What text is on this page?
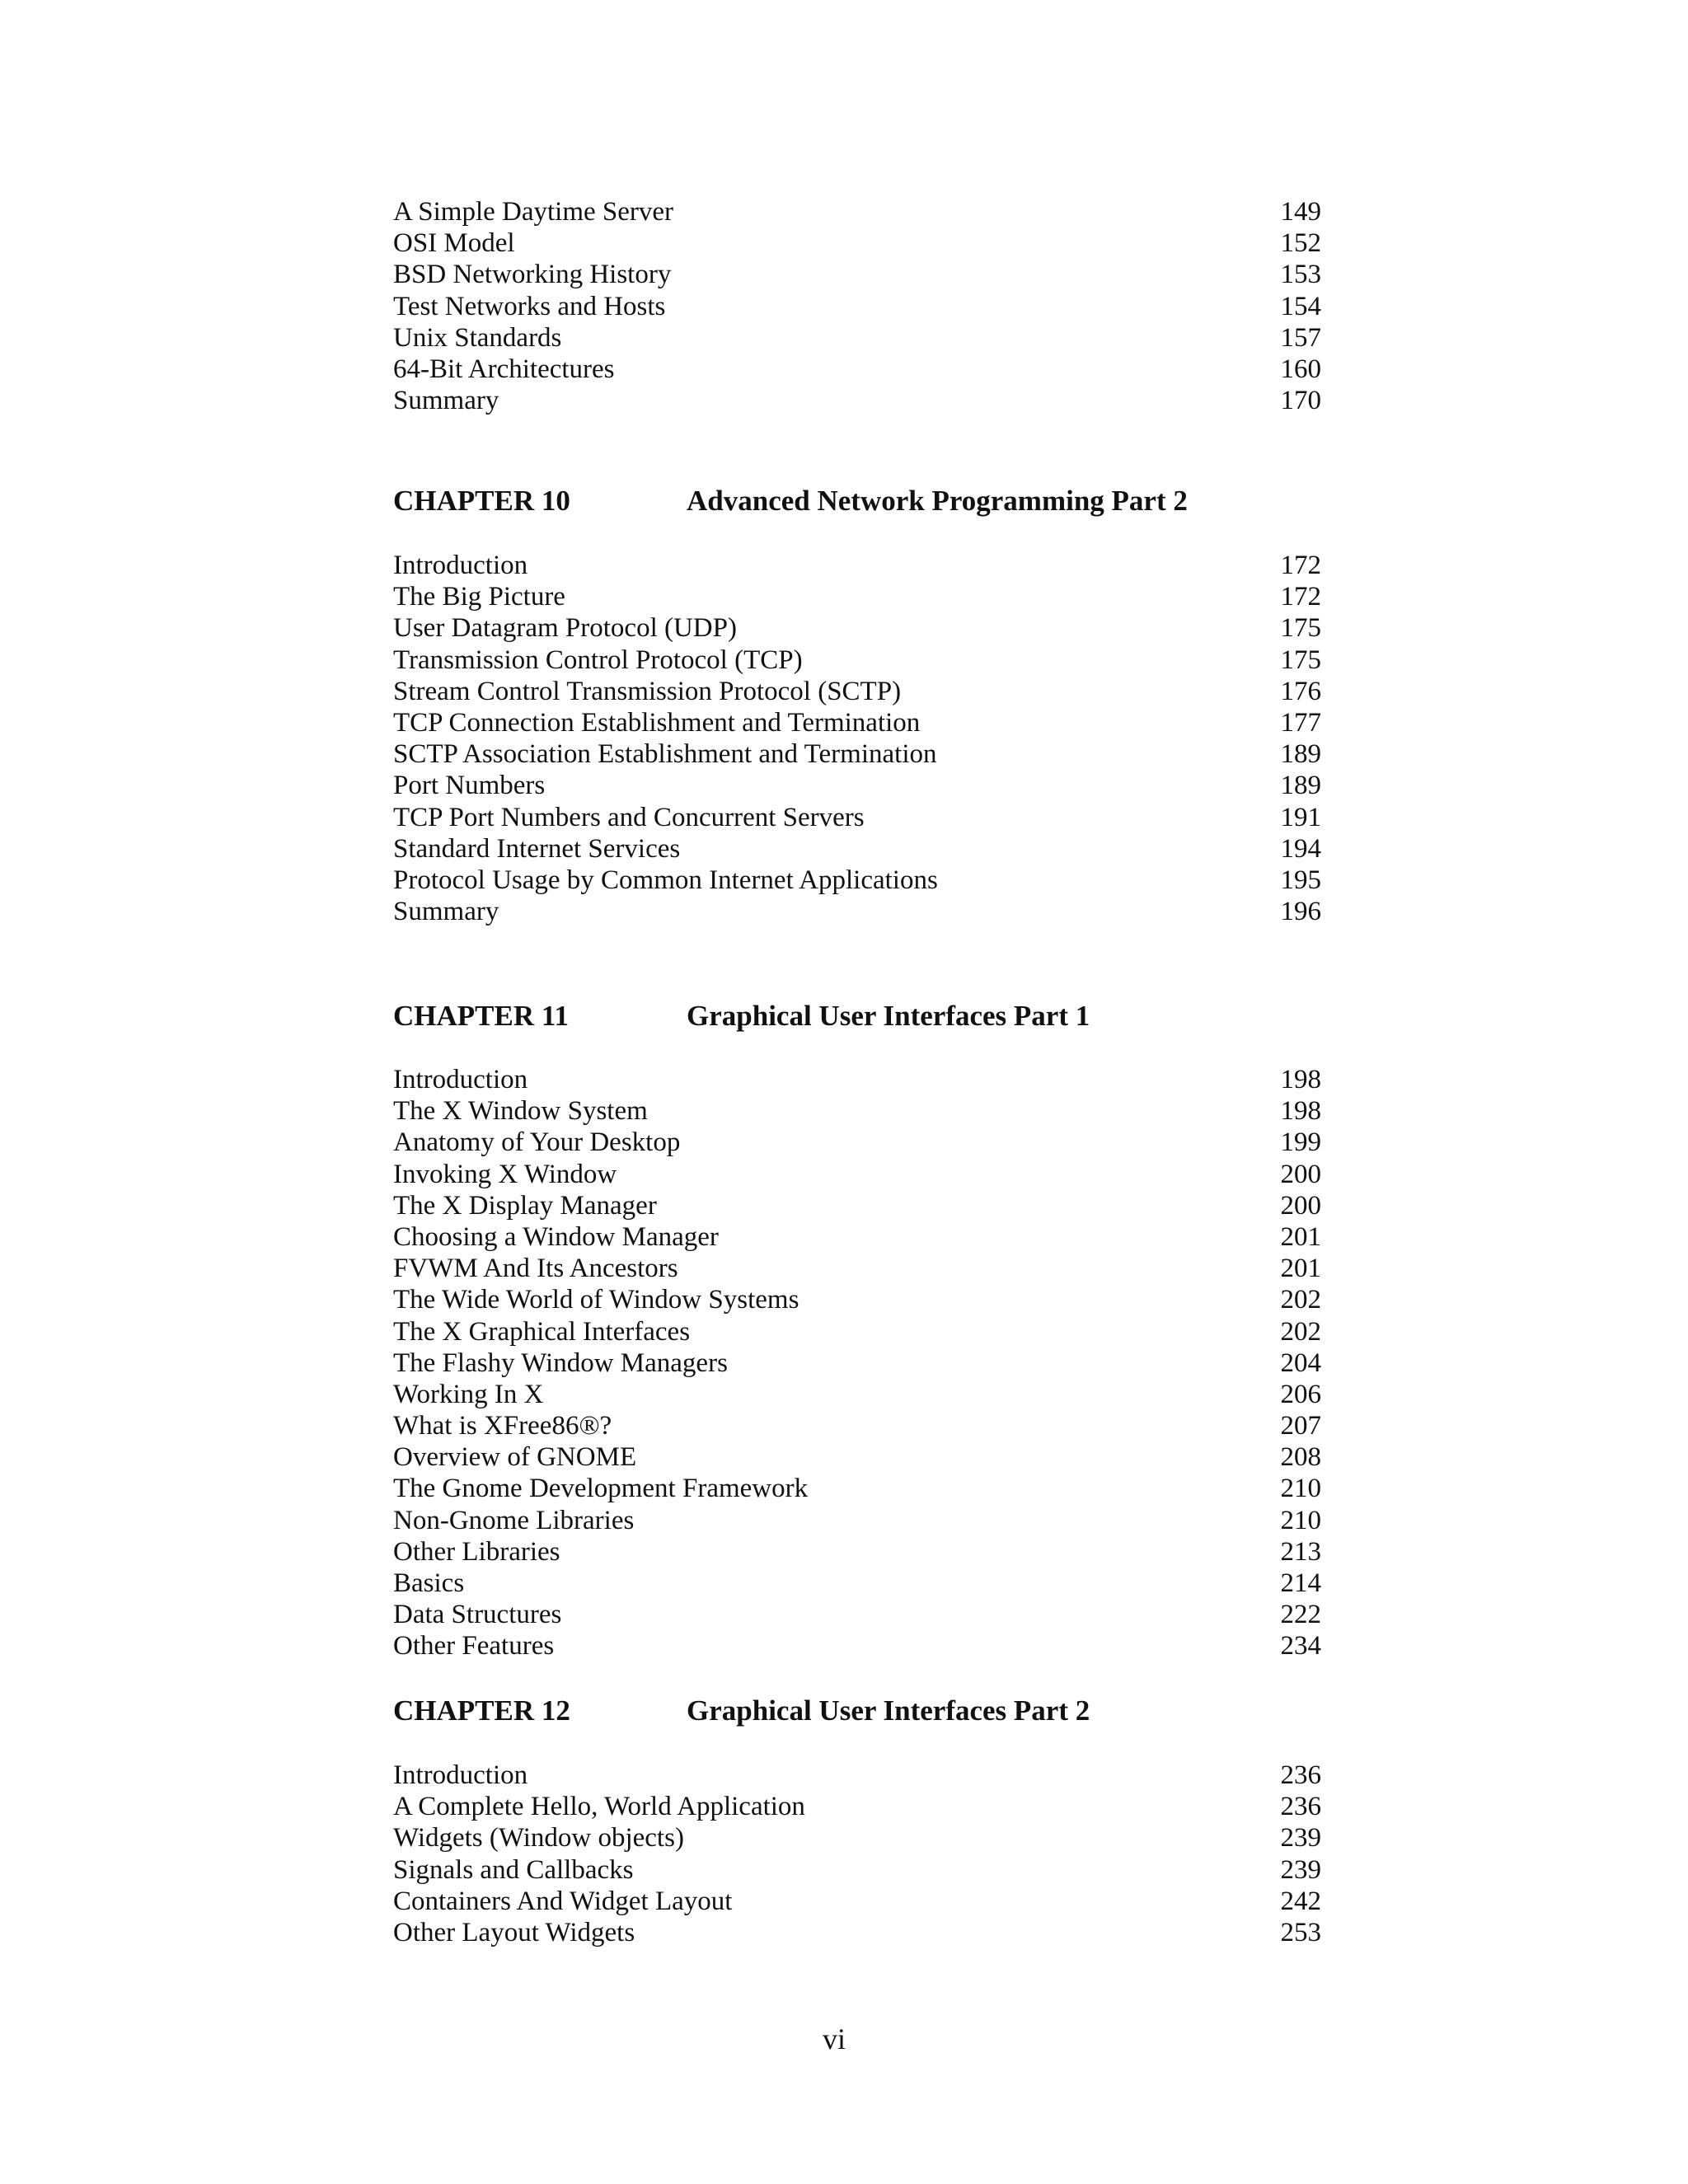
A Simple Daytime Server	149
OSI Model	152
BSD Networking History	153
Test Networks and Hosts	154
Unix Standards	157
64-Bit Architectures	160
Summary	170
CHAPTER 10	Advanced Network Programming Part 2
Introduction	172
The Big Picture	172
User Datagram Protocol (UDP)	175
Transmission Control Protocol (TCP)	175
Stream Control Transmission Protocol (SCTP)	176
TCP Connection Establishment and Termination	177
SCTP Association Establishment and Termination	189
Port Numbers	189
TCP Port Numbers and Concurrent Servers	191
Standard Internet Services	194
Protocol Usage by Common Internet Applications	195
Summary	196
CHAPTER 11	Graphical User Interfaces Part 1
Introduction	198
The X Window System	198
Anatomy of Your Desktop	199
Invoking X Window	200
The X Display Manager	200
Choosing a Window Manager	201
FVWM And Its Ancestors	201
The Wide World of Window Systems	202
The X Graphical Interfaces	202
The Flashy Window Managers	204
Working In X	206
What is XFree86®?	207
Overview of GNOME	208
The Gnome Development Framework	210
Non-Gnome Libraries	210
Other Libraries	213
Basics	214
Data Structures	222
Other Features	234
CHAPTER 12	Graphical User Interfaces Part 2
Introduction	236
A Complete Hello, World Application	236
Widgets (Window objects)	239
Signals and Callbacks	239
Containers And Widget Layout	242
Other Layout Widgets	253
vi
